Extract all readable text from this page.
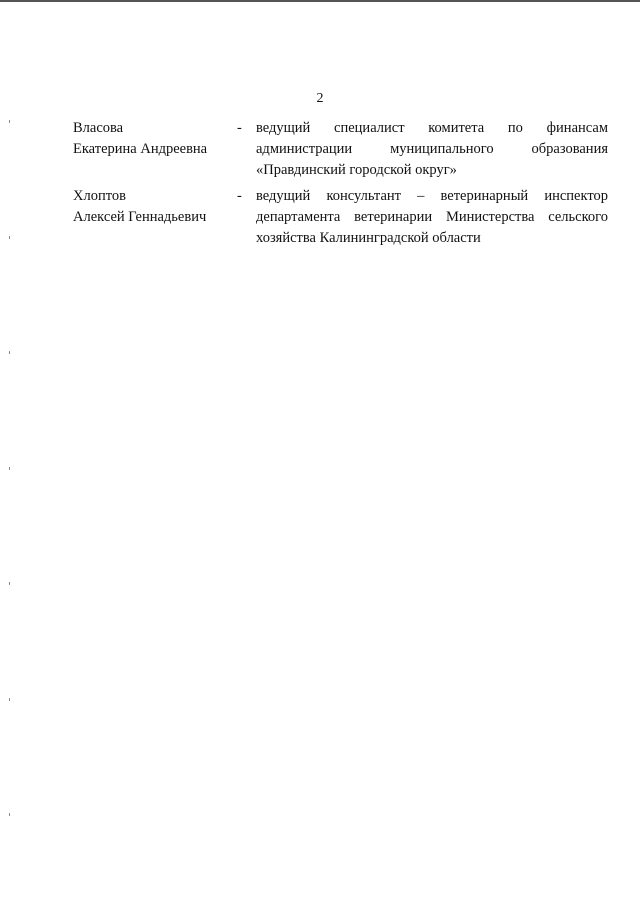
2
Власова
Екатерина Андреевна
- ведущий специалист комитета по финансам
администрации муниципального образования
«Правдинский городской округ»
Хлоптов
Алексей Геннадьевич
- ведущий консультант – ветеринарный инспектор
департамента ветеринарии Министерства сельского
хозяйства Калининградской области
